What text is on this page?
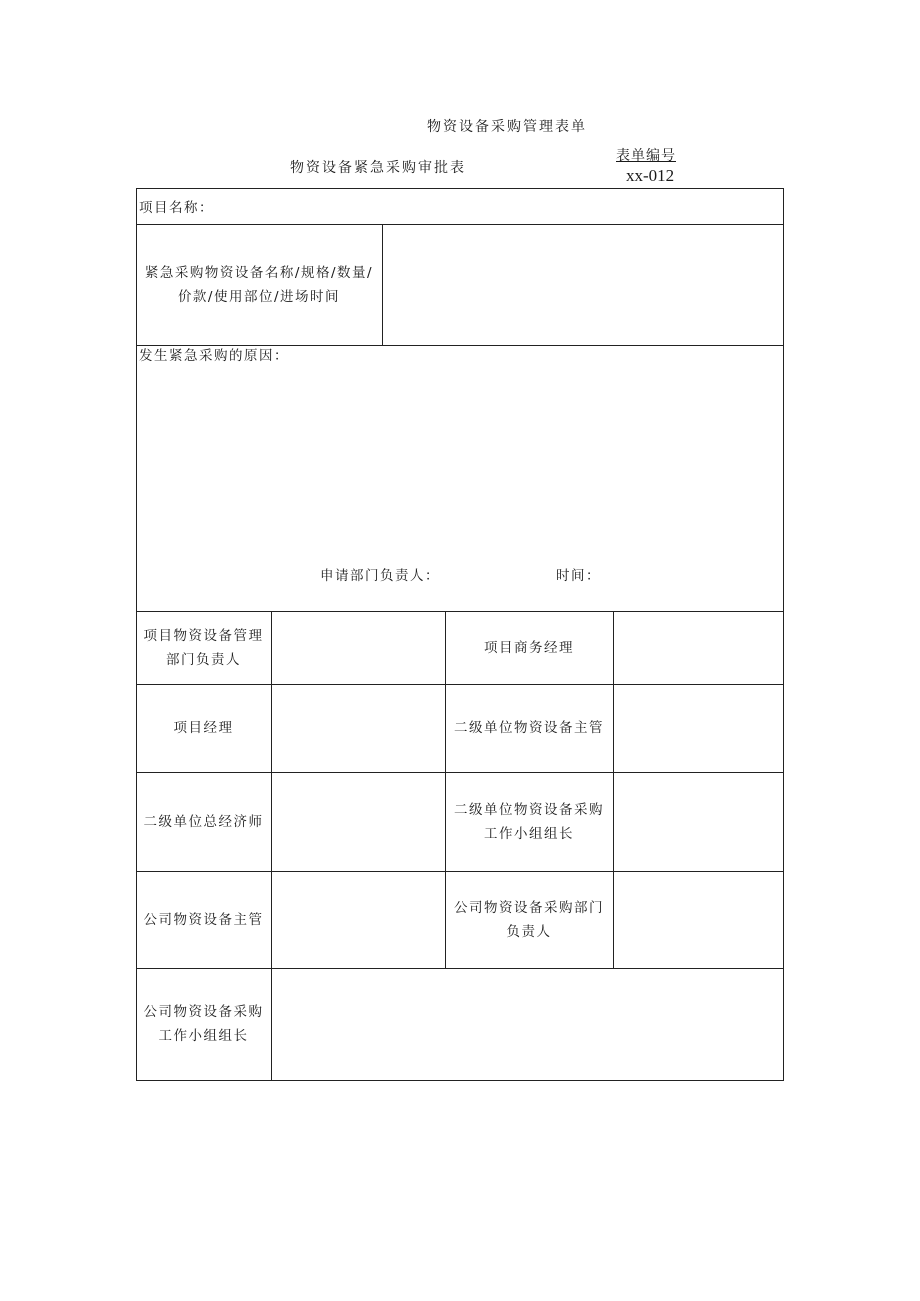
物资设备采购管理表单
物资设备紧急采购审批表
表单编号
xx-012
项目名称：
紧急采购物资设备名称/规格/数量/
价款/使用部位/进场时间
发生紧急采购的原因：
申请部门负责人：	时间：
项目物资设备管理
部门负责人
项目商务经理
项目经理	二级单位物资设备主管
二级单位总经济师
二级单位物资设备采购
工作小组组长
公司物资设备主管
公司物资设备采购部门
负责人
公司物资设备采购
工作小组组长
